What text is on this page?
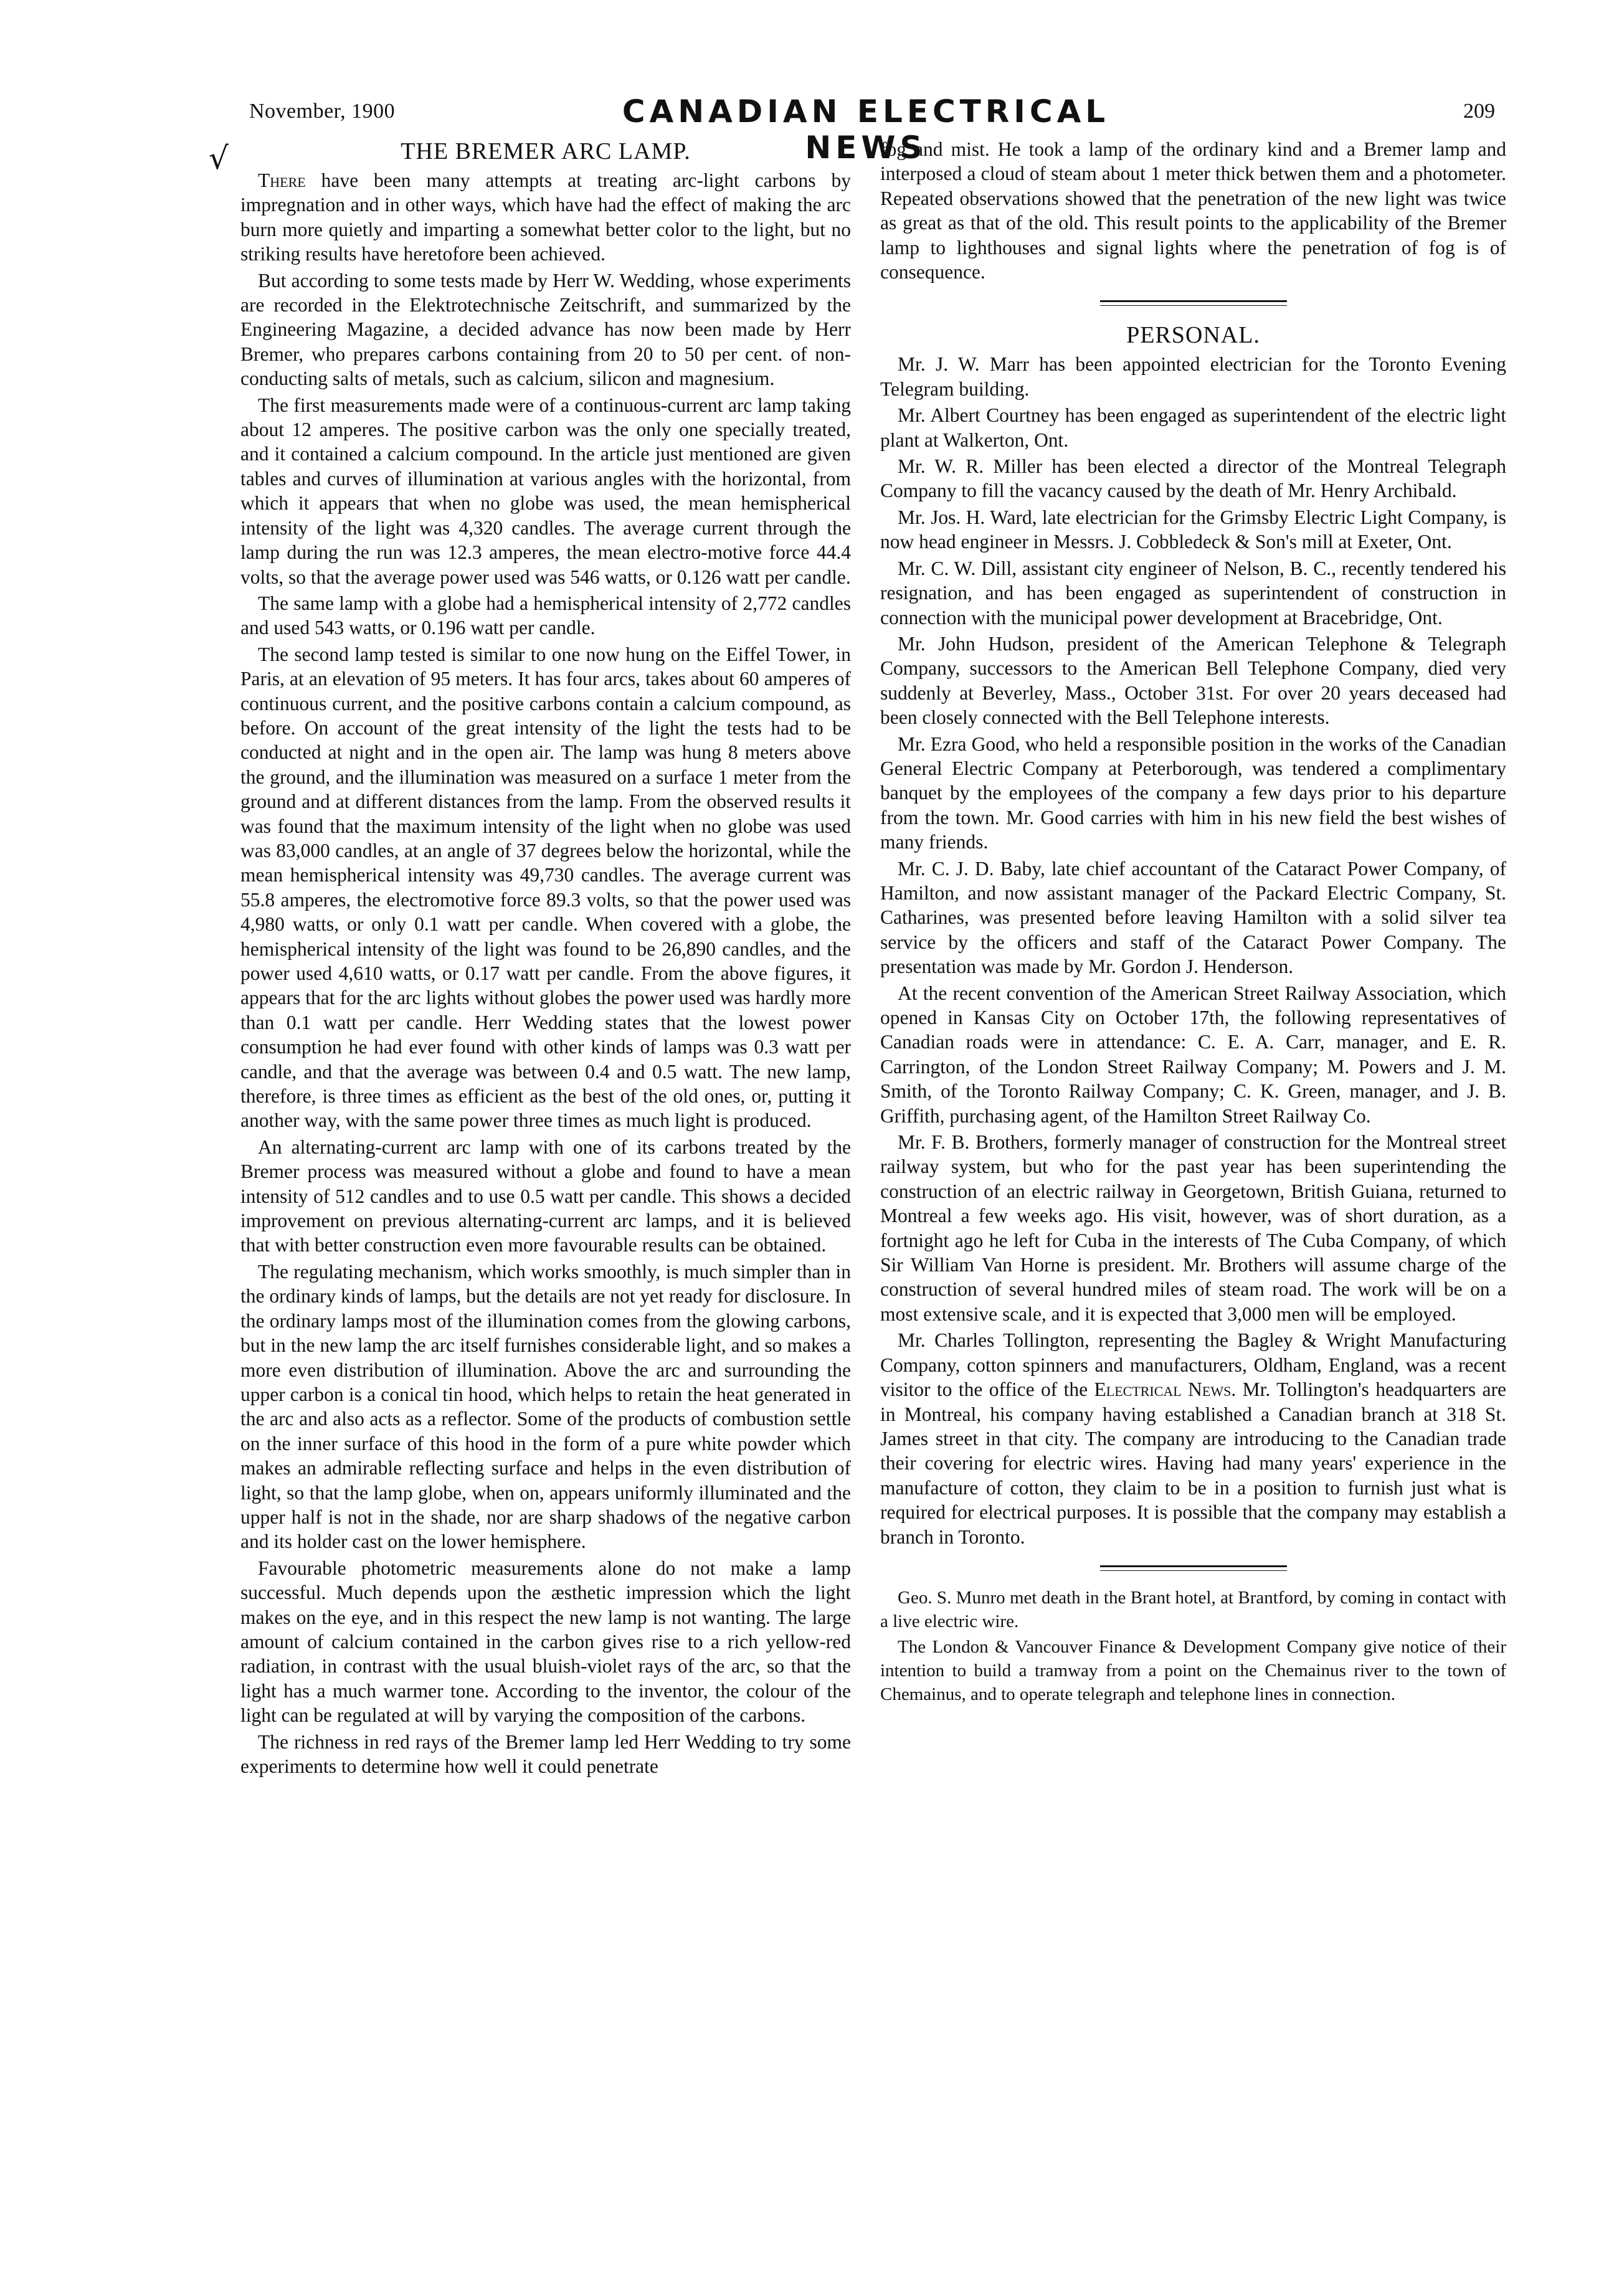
November, 1900	CANADIAN ELECTRICAL NEWS
209
√	THE BREMER ARC LAMP.

There have been many attempts at treating arc-light carbons by impregnation and in other ways, which have had the effect of making the arc burn more quietly and imparting a somewhat better color to the light, but no striking results have heretofore been achieved.

But according to some tests made by Herr W. Wedding, whose experiments are recorded in the Elektrotechnische Zeitschrift, and summarized by the Engineering Magazine, a decided advance has now been made by Herr Bremer, who prepares carbons containing from 20 to 50 per cent. of non-conducting salts of metals, such as calcium, silicon and magnesium.

The first measurements made were of a continuous-current arc lamp taking about 12 amperes. The positive carbon was the only one specially treated, and it contained a calcium compound. In the article just mentioned are given tables and curves of illumination at various angles with the horizontal, from which it appears that when no globe was used, the mean hemispherical intensity of the light was 4,320 candles. The average current through the lamp during the run was 12.3 amperes, the mean electro-motive force 44.4 volts, so that the average power used was 546 watts, or 0.126 watt per candle.

The same lamp with a globe had a hemispherical intensity of 2,772 candles and used 543 watts, or 0.196 watt per candle.

The second lamp tested is similar to one now hung on the Eiffel Tower, in Paris, at an elevation of 95 meters. It has four arcs, takes about 60 amperes of continuous current, and the positive carbons contain a calcium compound, as before. On account of the great intensity of the light the tests had to be conducted at night and in the open air. The lamp was hung 8 meters above the ground, and the illumination was measured on a surface 1 meter from the ground and at different distances from the lamp. From the observed results it was found that the maximum intensity of the light when no globe was used was 83,000 candles, at an angle of 37 degrees below the horizontal, while the mean hemispherical intensity was 49,730 candles. The average current was 55.8 amperes, the electromotive force 89.3 volts, so that the power used was 4,980 watts, or only 0.1 watt per candle. When covered with a globe, the hemispherical intensity of the light was found to be 26,890 candles, and the power used 4,610 watts, or 0.17 watt per candle. From the above figures, it appears that for the arc lights without globes the power used was hardly more than 0.1 watt per candle. Herr Wedding states that the lowest power consumption he had ever found with other kinds of lamps was 0.3 watt per candle, and that the average was between 0.4 and 0.5 watt. The new lamp, therefore, is three times as efficient as the best of the old ones, or, putting it another way, with the same power three times as much light is produced.

An alternating-current arc lamp with one of its carbons treated by the Bremer process was measured without a globe and found to have a mean intensity of 512 candles and to use 0.5 watt per candle. This shows a decided improvement on previous alternating-current arc lamps, and it is believed that with better construction even more favourable results can be obtained.

The regulating mechanism, which works smoothly, is much simpler than in the ordinary kinds of lamps, but the details are not yet ready for disclosure. In the ordinary lamps most of the illumination comes from the glowing carbons, but in the new lamp the arc itself furnishes considerable light, and so makes a more even distribution of illumination. Above the arc and surrounding the upper carbon is a conical tin hood, which helps to retain the heat generated in the arc and also acts as a reflector. Some of the products of combustion settle on the inner surface of this hood in the form of a pure white powder which makes an admirable reflecting surface and helps in the even distribution of light, so that the lamp globe, when on, appears uniformly illuminated and the upper half is not in the shade, nor are sharp shadows of the negative carbon and its holder cast on the lower hemisphere.

Favourable photometric measurements alone do not make a lamp successful. Much depends upon the æsthetic impression which the light makes on the eye, and in this respect the new lamp is not wanting. The large amount of calcium contained in the carbon gives rise to a rich yellow-red radiation, in contrast with the usual bluish-violet rays of the arc, so that the light has a much warmer tone. According to the inventor, the colour of the light can be regulated at will by varying the composition of the carbons.

The richness in red rays of the Bremer lamp led Herr Wedding to try some experiments to determine how well it could penetrate

fog and mist. He took a lamp of the ordinary kind and a Bremer lamp and interposed a cloud of steam about 1 meter thick betwen them and a photometer. Repeated observations showed that the penetration of the new light was twice as great as that of the old. This result points to the applicability of the Bremer lamp to lighthouses and signal lights where the penetration of fog is of consequence.

PERSONAL.

Mr. J. W. Marr has been appointed electrician for the Toronto Evening Telegram building.

Mr. Albert Courtney has been engaged as superintendent of the electric light plant at Walkerton, Ont.

Mr. W. R. Miller has been elected a director of the Montreal Telegraph Company to fill the vacancy caused by the death of Mr. Henry Archibald.

Mr. Jos. H. Ward, late electrician for the Grimsby Electric Light Company, is now head engineer in Messrs. J. Cobbledeck & Son's mill at Exeter, Ont.

Mr. C. W. Dill, assistant city engineer of Nelson, B. C., recently tendered his resignation, and has been engaged as superintendent of construction in connection with the municipal power development at Bracebridge, Ont.

Mr. John Hudson, president of the American Telephone & Telegraph Company, successors to the American Bell Telephone Company, died very suddenly at Beverley, Mass., October 31st. For over 20 years deceased had been closely connected with the Bell Telephone interests.

Mr. Ezra Good, who held a responsible position in the works of the Canadian General Electric Company at Peterborough, was tendered a complimentary banquet by the employees of the company a few days prior to his departure from the town. Mr. Good carries with him in his new field the best wishes of many friends.

Mr. C. J. D. Baby, late chief accountant of the Cataract Power Company, of Hamilton, and now assistant manager of the Packard Electric Company, St. Catharines, was presented before leaving Hamilton with a solid silver tea service by the officers and staff of the Cataract Power Company. The presentation was made by Mr. Gordon J. Henderson.

At the recent convention of the American Street Railway Association, which opened in Kansas City on October 17th, the following representatives of Canadian roads were in attendance: C. E. A. Carr, manager, and E. R. Carrington, of the London Street Railway Company; M. Powers and J. M. Smith, of the Toronto Railway Company; C. K. Green, manager, and J. B. Griffith, purchasing agent, of the Hamilton Street Railway Co.

Mr. F. B. Brothers, formerly manager of construction for the Montreal street railway system, but who for the past year has been superintending the construction of an electric railway in Georgetown, British Guiana, returned to Montreal a few weeks ago. His visit, however, was of short duration, as a fortnight ago he left for Cuba in the interests of The Cuba Company, of which Sir William Van Horne is president. Mr. Brothers will assume charge of the construction of several hundred miles of steam road. The work will be on a most extensive scale, and it is expected that 3,000 men will be employed.

Mr. Charles Tollington, representing the Bagley & Wright Manufacturing Company, cotton spinners and manufacturers, Oldham, England, was a recent visitor to the office of the Electrical News. Mr. Tollington's headquarters are in Montreal, his company having established a Canadian branch at 318 St. James street in that city. The company are introducing to the Canadian trade their covering for electric wires. Having had many years' experience in the manufacture of cotton, they claim to be in a position to furnish just what is required for electrical purposes. It is possible that the company may establish a branch in Toronto.

Geo. S. Munro met death in the Brant hotel, at Brantford, by coming in contact with a live electric wire.

The London & Vancouver Finance & Development Company give notice of their intention to build a tramway from a point on the Chemainus river to the town of Chemainus, and to operate telegraph and telephone lines in connection.
